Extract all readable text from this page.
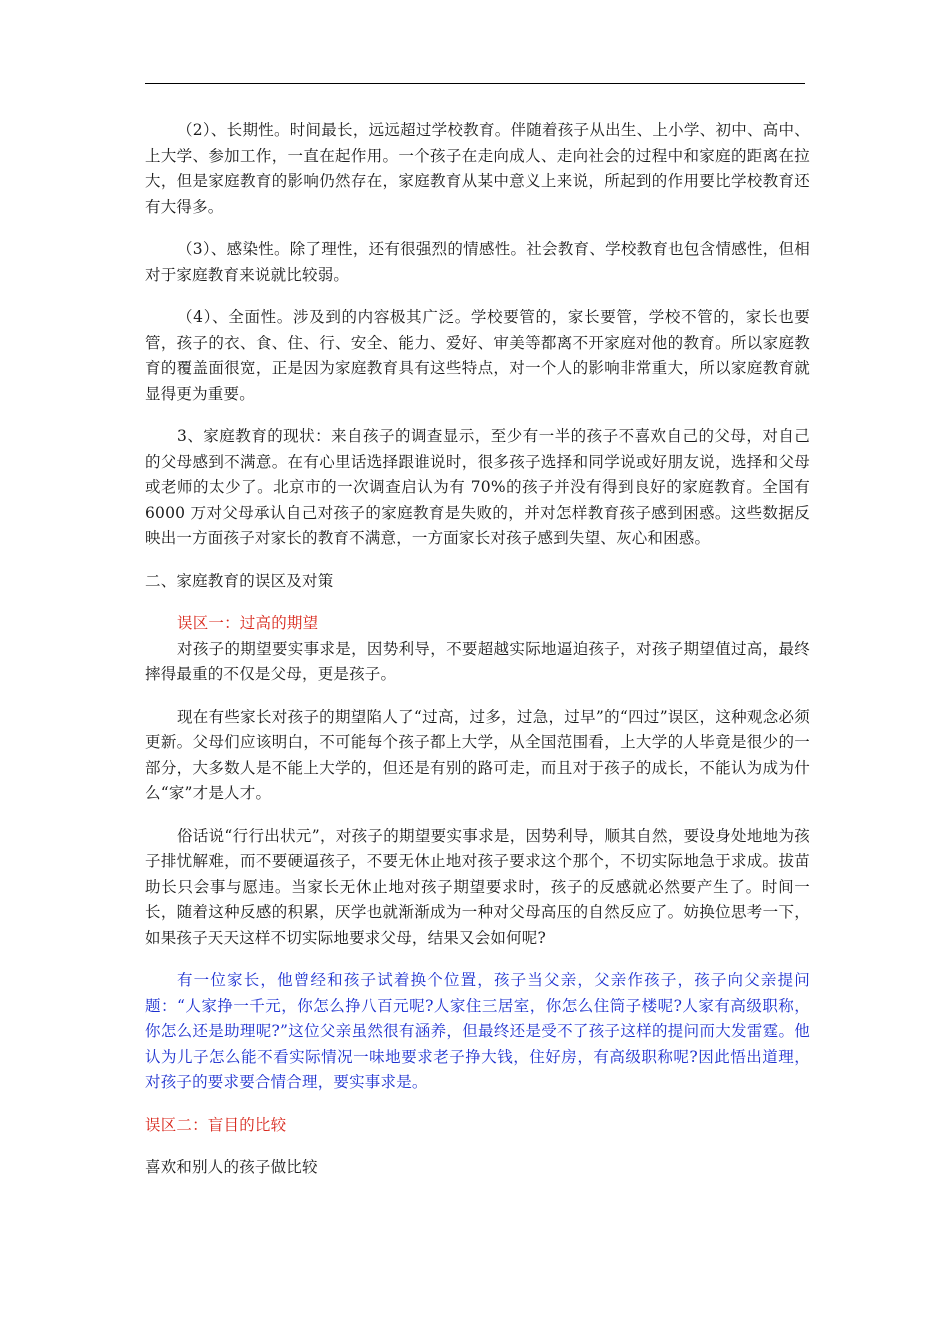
（2）、长期性。时间最长，远远超过学校教育。伴随着孩子从出生、上小学、初中、高中、上大学、参加工作，一直在起作用。一个孩子在走向成人、走向社会的过程中和家庭的距离在拉大，但是家庭教育的影响仍然存在，家庭教育从某中意义上来说，所起到的作用要比学校教育还有大得多。

（3）、感染性。除了理性，还有很强烈的情感性。社会教育、学校教育也包含情感性，但相对于家庭教育来说就比较弱。

（4）、全面性。涉及到的内容极其广泛。学校要管的，家长要管，学校不管的，家长也要管，孩子的衣、食、住、行、安全、能力、爱好、审美等都离不开家庭对他的教育。所以家庭教育的覆盖面很宽，正是因为家庭教育具有这些特点，对一个人的影响非常重大，所以家庭教育就显得更为重要。

3、家庭教育的现状：来自孩子的调查显示，至少有一半的孩子不喜欢自己的父母，对自己的父母感到不满意。在有心里话选择跟谁说时，很多孩子选择和同学说或好朋友说，选择和父母或老师的太少了。北京市的一次调查启认为有 70%的孩子并没有得到良好的家庭教育。全国有 6000 万对父母承认自己对孩子的家庭教育是失败的，并对怎样教育孩子感到困惑。这些数据反映出一方面孩子对家长的教育不满意，一方面家长对孩子感到失望、灰心和困惑。

二、家庭教育的误区及对策

误区一：过高的期望

对孩子的期望要实事求是，因势利导，不要超越实际地逼迫孩子，对孩子期望值过高，最终摔得最重的不仅是父母，更是孩子。

现在有些家长对孩子的期望陷人了“过高，过多，过急，过早”的“四过”误区，这种观念必须更新。父母们应该明白，不可能每个孩子都上大学，从全国范围看，上大学的人毕竟是很少的一部分，大多数人是不能上大学的，但还是有别的路可走，而且对于孩子的成长，不能认为成为什么“家”才是人才。

俗话说“行行出状元”，对孩子的期望要实事求是，因势利导，顺其自然，要设身处地地为孩子排忧解难，而不要硬逼孩子，不要无休止地对孩子要求这个那个，不切实际地急于求成。拔苗助长只会事与愿违。当家长无休止地对孩子期望要求时，孩子的反感就必然要产生了。时间一长，随着这种反感的积累，厌学也就渐渐成为一种对父母高压的自然反应了。妨换位思考一下，如果孩子天天这样不切实际地要求父母，结果又会如何呢?

有一位家长，他曾经和孩子试着换个位置，孩子当父亲，父亲作孩子，孩子向父亲提问题：“人家挣一千元，你怎么挣八百元呢?人家住三居室，你怎么住筒子楼呢?人家有高级职称，你怎么还是助理呢?”这位父亲虽然很有涵养，但最终还是受不了孩子这样的提问而大发雷霆。他认为儿子怎么能不看实际情况一味地要求老子挣大钱，住好房，有高级职称呢?因此悟出道理，对孩子的要求要合情合理，要实事求是。

误区二：盲目的比较

喜欢和别人的孩子做比较
